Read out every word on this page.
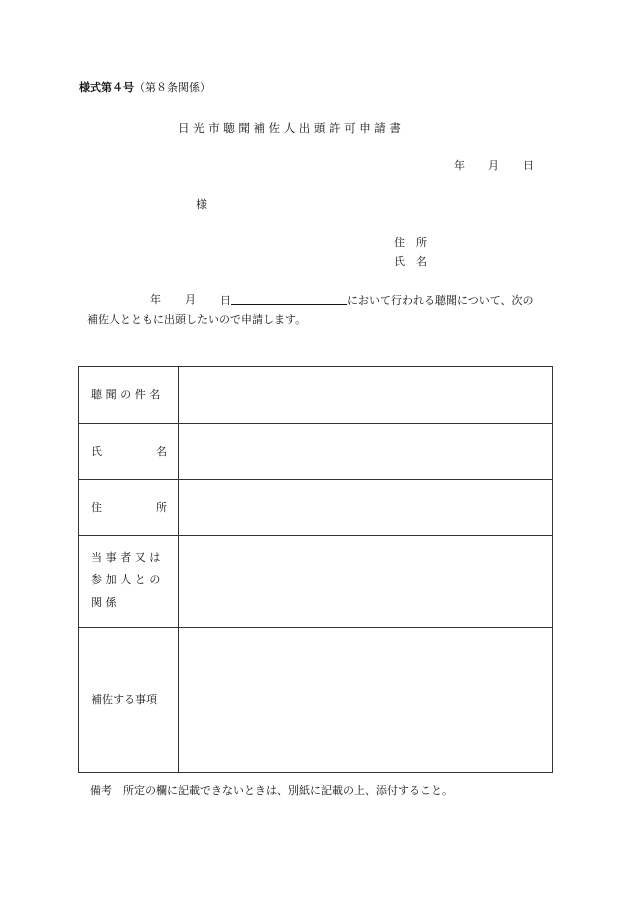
様式第４号（第８条関係）
日光市聴聞補佐人出頭許可申請書
年 月 日
様
住　所
氏　名
年 月 日	において行われる聴聞について、次の
補佐人とともに出頭したいので申請します。
聴聞の件名
氏	名
住	所
当事者又は
参加人との
関係
補佐する事項
備考　所定の欄に記載できないときは、別紙に記載の上、添付すること。
